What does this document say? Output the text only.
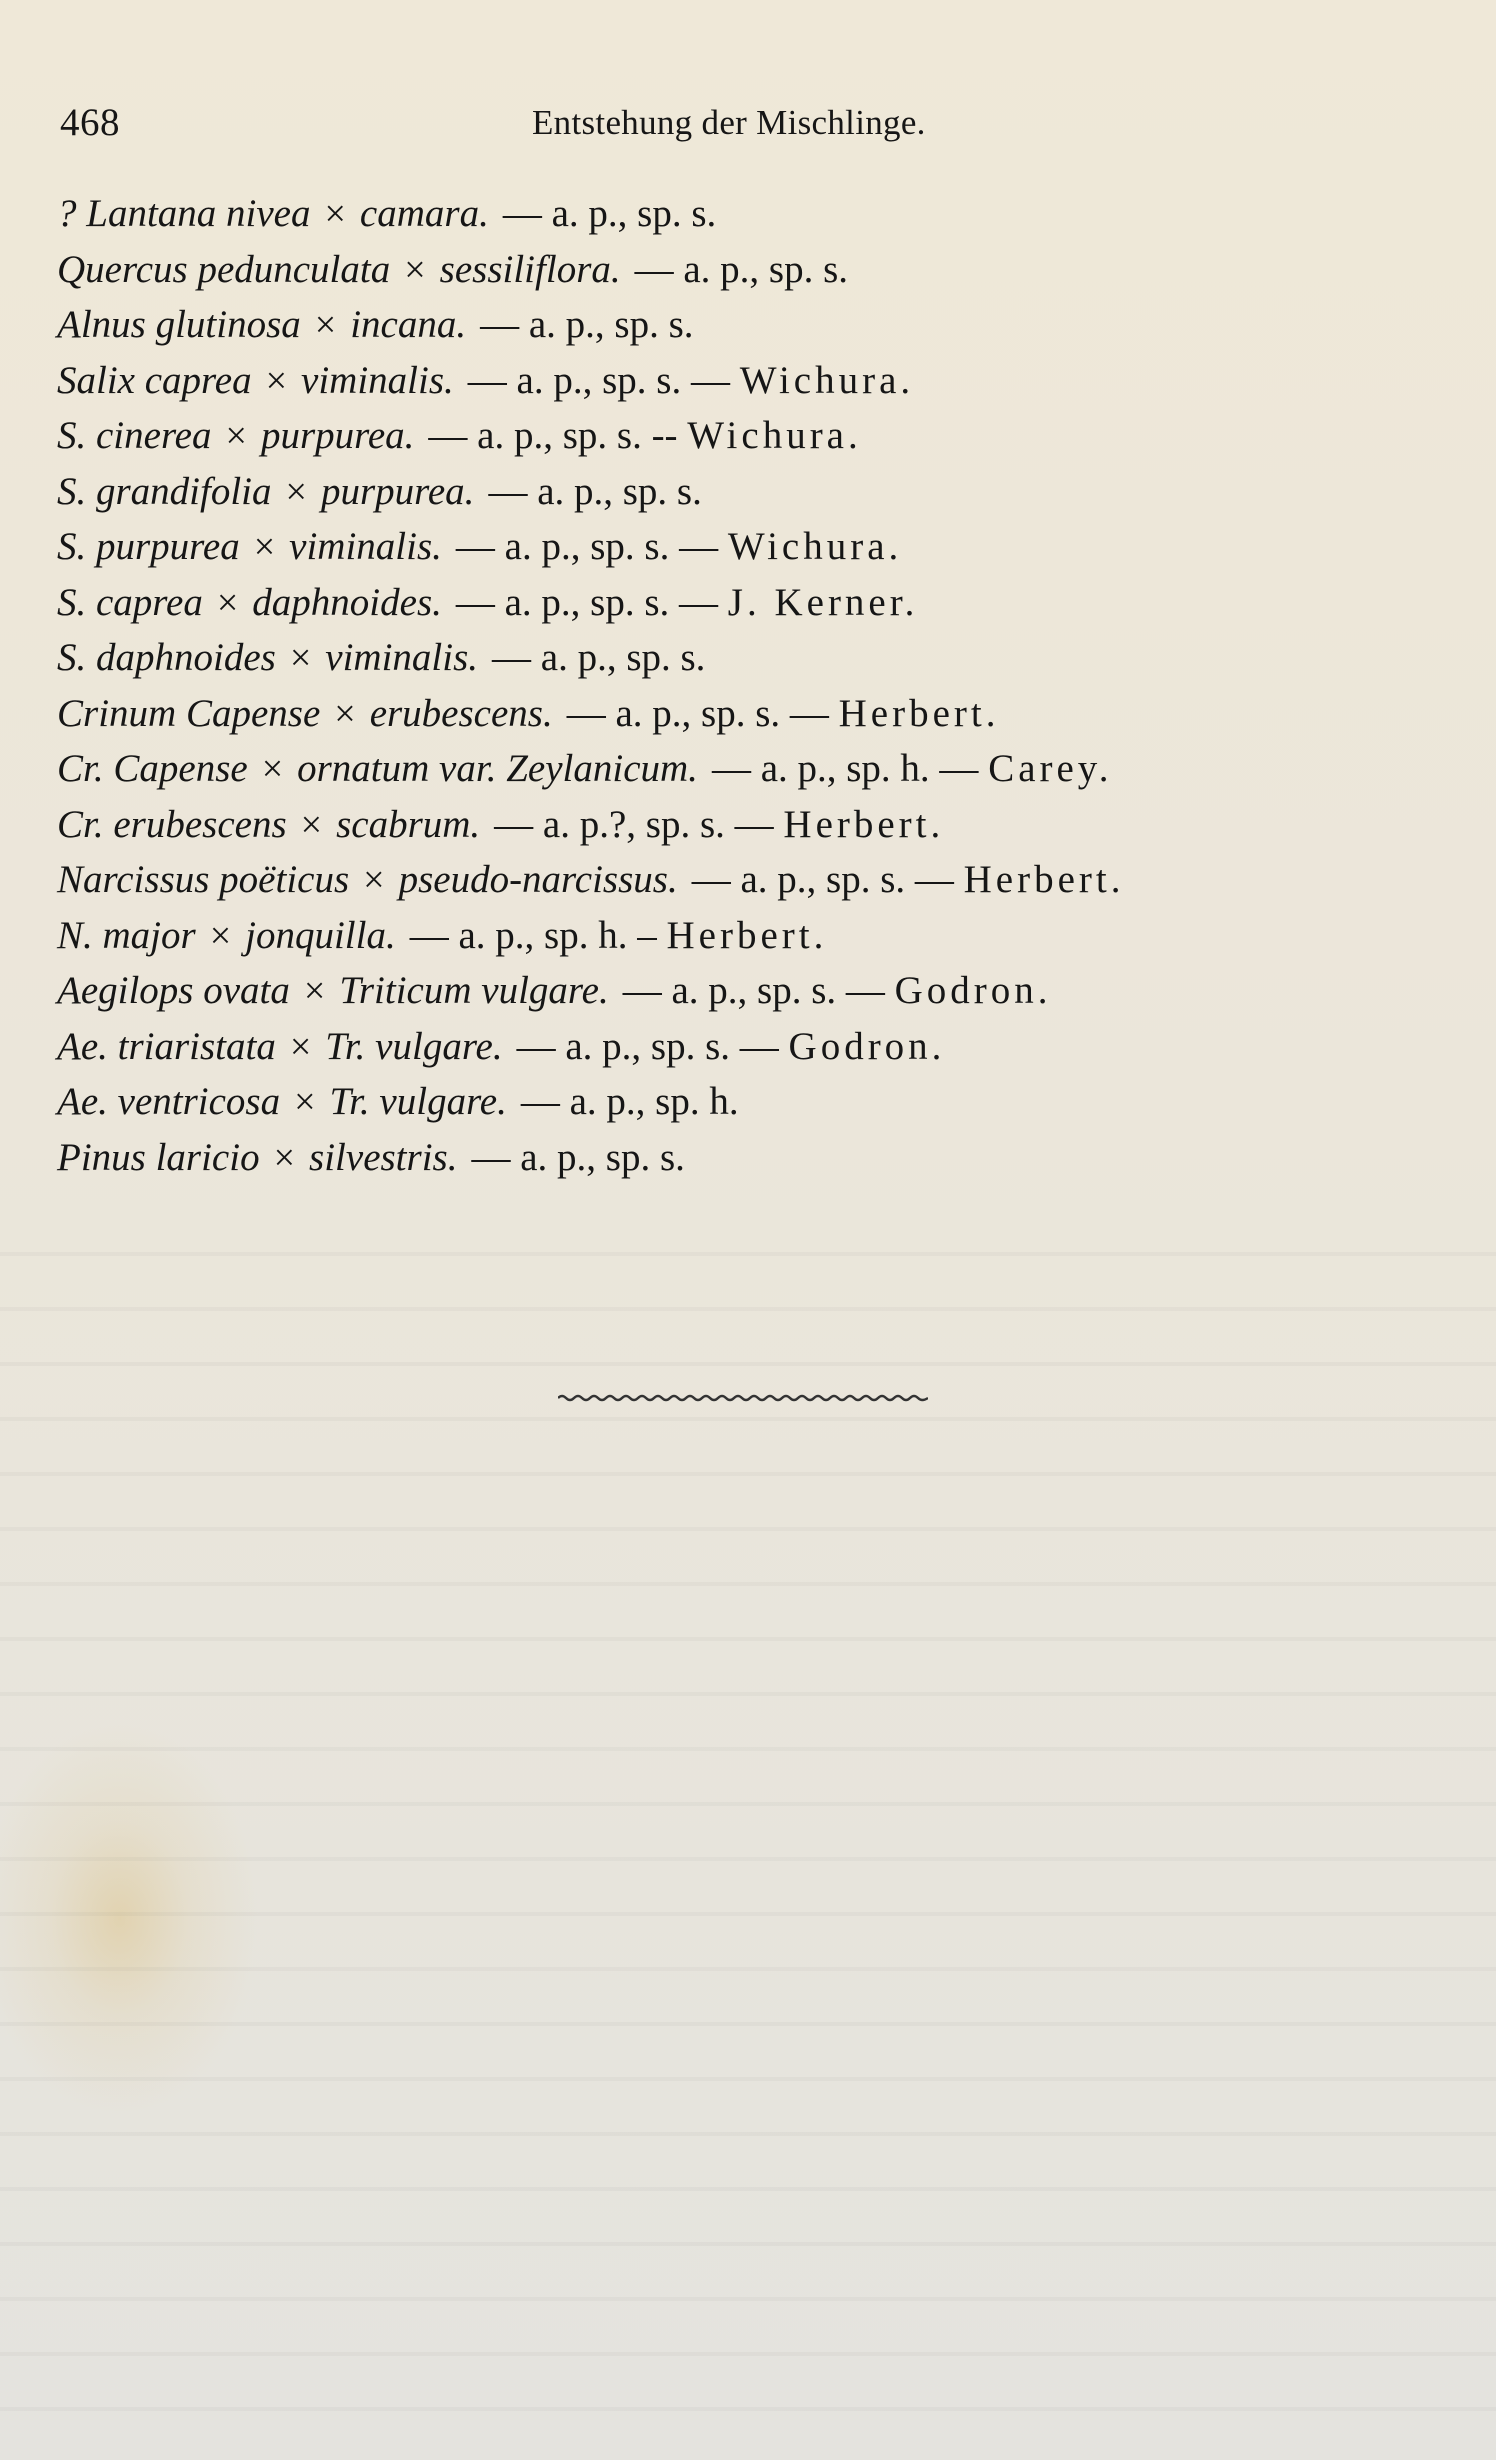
468	Entstehung der Mischlinge.
? Lantana nivea × camara. — a. p., sp. s.
Quercus pedunculata × sessiliflora. — a. p., sp. s.
Alnus glutinosa × incana. — a. p., sp. s.
Salix caprea × viminalis. — a. p., sp. s. — Wichura.
S. cinerea × purpurea. — a. p., sp. s. -- Wichura.
S. grandifolia × purpurea. — a. p., sp. s.
S. purpurea × viminalis. — a. p., sp. s. — Wichura.
S. caprea × daphnoides. — a. p., sp. s. — J. Kerner.
S. daphnoides × viminalis. — a. p., sp. s.
Crinum Capense × erubescens. — a. p., sp. s. — Herbert.
Cr. Capense × ornatum var. Zeylanicum. — a. p., sp. h. — Carey.
Cr. erubescens × scabrum. — a. p.?, sp. s. — Herbert.
Narcissus poëticus × pseudo-narcissus. — a. p., sp. s. — Herbert.
N. major × jonquilla. — a. p., sp. h. – Herbert.
Aegilops ovata × Triticum vulgare. — a. p., sp. s. — Godron.
Ae. triaristata × Tr. vulgare. — a. p., sp. s. — Godron.
Ae. ventricosa × Tr. vulgare. — a. p., sp. h.
Pinus laricio × silvestris. — a. p., sp. s.
